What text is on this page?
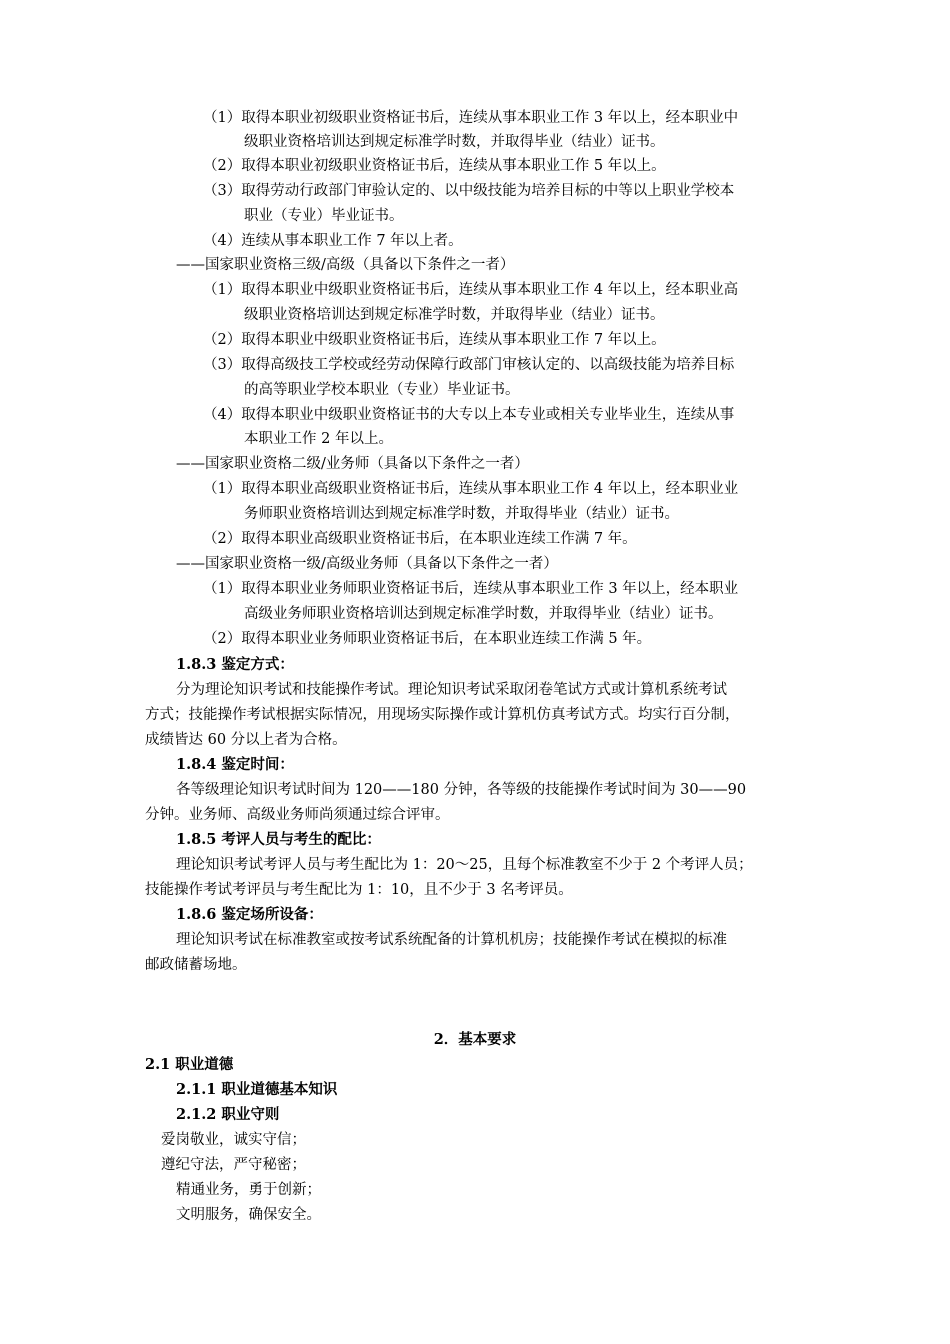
（1）取得本职业初级职业资格证书后，连续从事本职业工作 3 年以上，经本职业中
级职业资格培训达到规定标准学时数，并取得毕业（结业）证书。
（2）取得本职业初级职业资格证书后，连续从事本职业工作 5 年以上。
（3）取得劳动行政部门审验认定的、以中级技能为培养目标的中等以上职业学校本
职业（专业）毕业证书。
（4）连续从事本职业工作 7 年以上者。
——国家职业资格三级/高级（具备以下条件之一者）
（1）取得本职业中级职业资格证书后，连续从事本职业工作 4 年以上，经本职业高
级职业资格培训达到规定标准学时数，并取得毕业（结业）证书。
（2）取得本职业中级职业资格证书后，连续从事本职业工作 7 年以上。
（3）取得高级技工学校或经劳动保障行政部门审核认定的、以高级技能为培养目标
的高等职业学校本职业（专业）毕业证书。
（4）取得本职业中级职业资格证书的大专以上本专业或相关专业毕业生，连续从事
本职业工作 2 年以上。
——国家职业资格二级/业务师（具备以下条件之一者）
（1）取得本职业高级职业资格证书后，连续从事本职业工作 4 年以上，经本职业业
务师职业资格培训达到规定标准学时数，并取得毕业（结业）证书。
（2）取得本职业高级职业资格证书后，在本职业连续工作满 7 年。
——国家职业资格一级/高级业务师（具备以下条件之一者）
（1）取得本职业业务师职业资格证书后，连续从事本职业工作 3 年以上，经本职业
高级业务师职业资格培训达到规定标准学时数，并取得毕业（结业）证书。
（2）取得本职业业务师职业资格证书后，在本职业连续工作满 5 年。
1.8.3 鉴定方式：
分为理论知识考试和技能操作考试。理论知识考试采取闭卷笔试方式或计算机系统考试
方式；技能操作考试根据实际情况，用现场实际操作或计算机仿真考试方式。均实行百分制，
成绩皆达 60 分以上者为合格。
1.8.4 鉴定时间：
各等级理论知识考试时间为 120——180 分钟，各等级的技能操作考试时间为 30——90
分钟。业务师、高级业务师尚须通过综合评审。
1.8.5 考评人员与考生的配比：
理论知识考试考评人员与考生配比为 1：20～25，且每个标准教室不少于 2 个考评人员；
技能操作考试考评员与考生配比为 1：10，且不少于 3 名考评员。
1.8.6 鉴定场所设备：
理论知识考试在标准教室或按考试系统配备的计算机机房；技能操作考试在模拟的标准
邮政储蓄场地。
2．基本要求
2.1 职业道德
2.1.1 职业道德基本知识
2.1.2 职业守则
爱岗敬业，诚实守信；
遵纪守法，严守秘密；
精通业务，勇于创新；
文明服务，确保安全。
